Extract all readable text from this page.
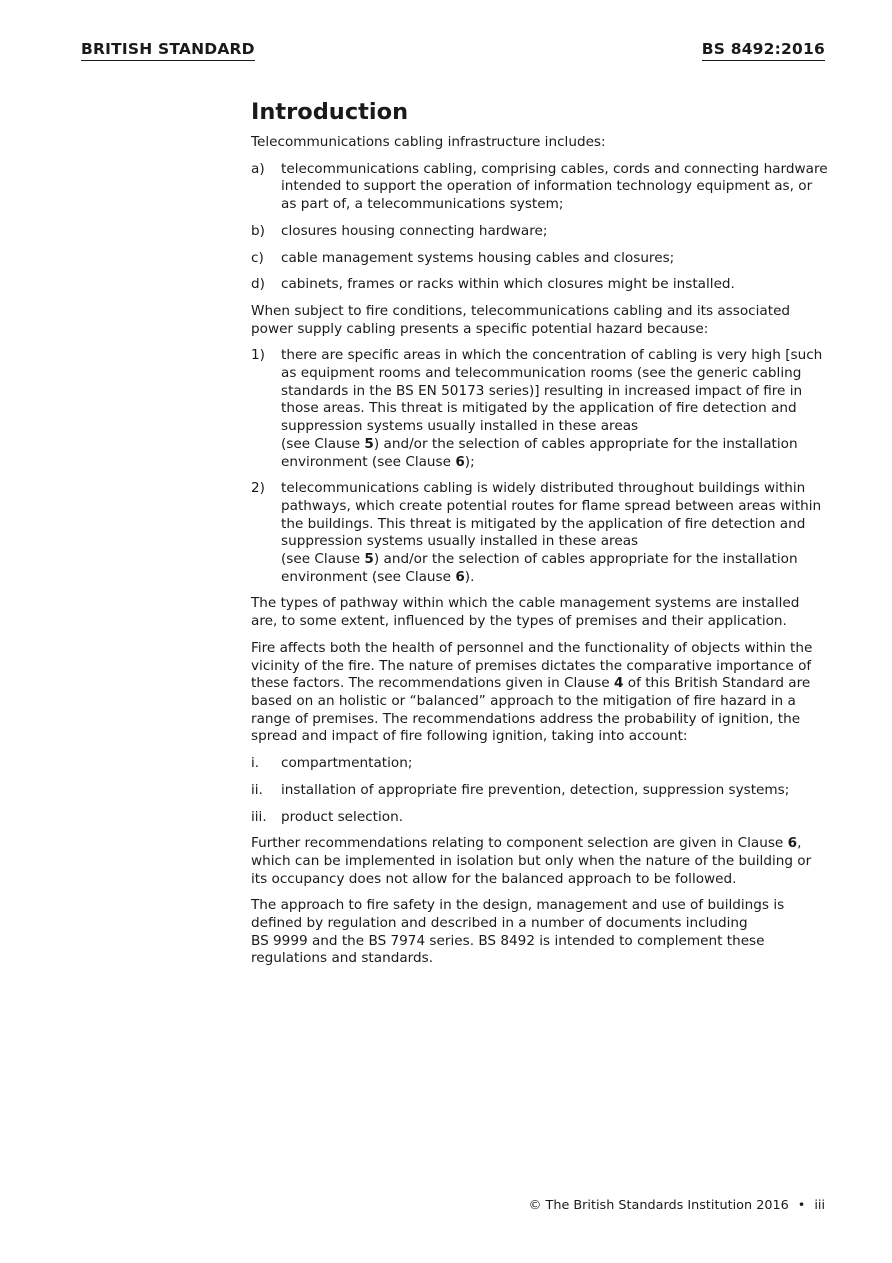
BRITISH STANDARD	BS 8492:2016
Introduction

Telecommunications cabling infrastructure includes:

a)	telecommunications cabling, comprising cables, cords and connecting hardware intended to support the operation of information technology equipment as, or as part of, a telecommunications system;
b)	closures housing connecting hardware;
c)	cable management systems housing cables and closures;
d)	cabinets, frames or racks within which closures might be installed.

When subject to fire conditions, telecommunications cabling and its associated power supply cabling presents a specific potential hazard because:

1)	there are specific areas in which the concentration of cabling is very high [such as equipment rooms and telecommunication rooms (see the generic cabling standards in the BS EN 50173 series)] resulting in increased impact of fire in those areas. This threat is mitigated by the application of fire detection and suppression systems usually installed in these areas
(see Clause 5) and/or the selection of cables appropriate for the installation environment (see Clause 6);
2)	telecommunications cabling is widely distributed throughout buildings within pathways, which create potential routes for flame spread between areas within the buildings. This threat is mitigated by the application of fire detection and suppression systems usually installed in these areas
(see Clause 5) and/or the selection of cables appropriate for the installation environment (see Clause 6).

The types of pathway within which the cable management systems are installed are, to some extent, influenced by the types of premises and their application.

Fire affects both the health of personnel and the functionality of objects within the vicinity of the fire. The nature of premises dictates the comparative importance of these factors. The recommendations given in Clause 4 of this British Standard are based on an holistic or “balanced” approach to the mitigation of fire hazard in a range of premises. The recommendations address the probability of ignition, the spread and impact of fire following ignition, taking into account:

i.	compartmentation;
ii.	installation of appropriate fire prevention, detection, suppression systems;
iii.	product selection.

Further recommendations relating to component selection are given in Clause 6, which can be implemented in isolation but only when the nature of the building or its occupancy does not allow for the balanced approach to be followed.

The approach to fire safety in the design, management and use of buildings is defined by regulation and described in a number of documents including
BS 9999 and the BS 7974 series. BS 8492 is intended to complement these regulations and standards.

© The British Standards Institution 2016 • iii
